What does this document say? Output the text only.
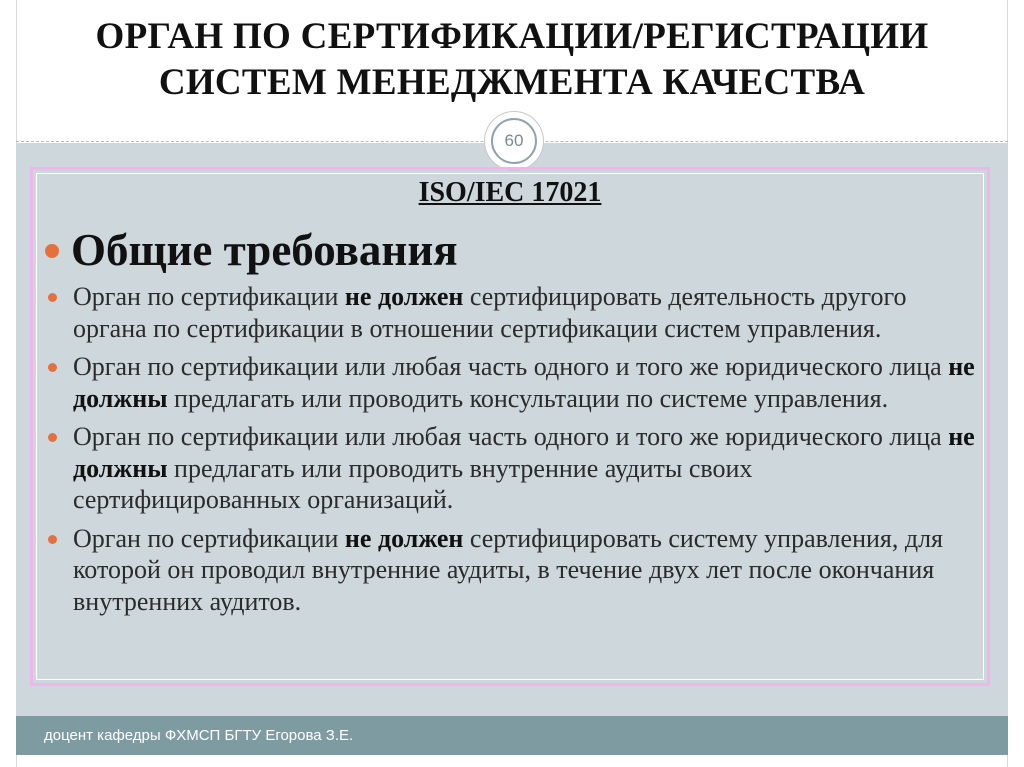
ОРГАН ПО СЕРТИФИКАЦИИ/РЕГИСТРАЦИИ
СИСТЕМ МЕНЕДЖМЕНТА КАЧЕСТВА
60
ISO/IEC 17021
Общие требования
Орган по сертификации не должен сертифицировать деятельность другого органа по сертификации в отношении сертификации систем управления.
Орган по сертификации или любая часть одного и того же юридического лица не должны предлагать или проводить консультации по системе управления.
Орган по сертификации или любая часть одного и того же юридического лица не должны предлагать или проводить внутренние аудиты своих сертифицированных организаций.
Орган по сертификации не должен сертифицировать систему управления, для которой он проводил внутренние аудиты, в течение двух лет после окончания внутренних аудитов.
доцент кафедры ФХМСП БГТУ Егорова З.Е.
